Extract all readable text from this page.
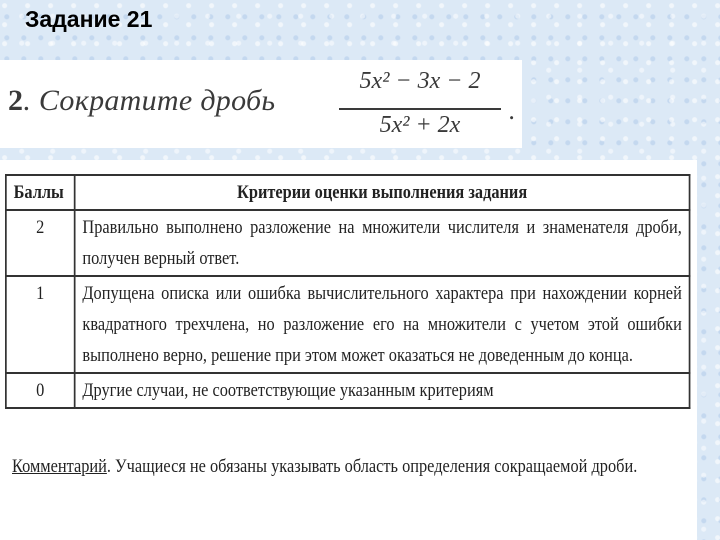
Задание 21
2. Сократите дробь
5x² − 3x − 2
5x² + 2x	.
Баллы	Критерии оценки выполнения задания
2	Правильно выполнено разложение на множители числителя и знаменателя дроби, получен верный ответ.
1	Допущена описка или ошибка вычислительного характера при нахождении корней квадратного трехчлена, но разложение его на множители с учетом этой ошибки выполнено верно, решение при этом может оказаться не доведенным до конца.
0	Другие случаи, не соответствующие указанным критериям
Комментарий. Учащиеся не обязаны указывать область определения сокращаемой дроби.
